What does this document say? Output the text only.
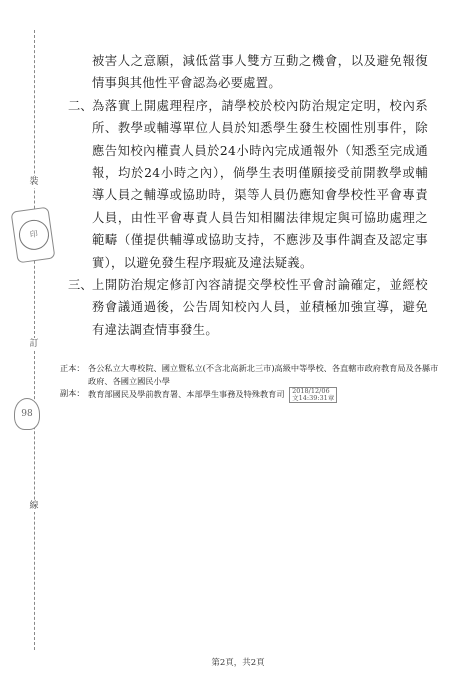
裝
訂
線
印
98

被害人之意願，減低當事人雙方互動之機會，以及避免報復情事與其他性平會認為必要處置。

二、 為落實上開處理程序，請學校於校內防治規定定明，校內系所、教學或輔導單位人員於知悉學生發生校園性別事件，除應告知校內權責人員於24小時內完成通報外（知悉至完成通報，均於24小時之內），倘學生表明僅願接受前開教學或輔導人員之輔導或協助時，渠等人員仍應知會學校性平會專責人員，由性平會專責人員告知相關法律規定與可協助處理之範疇（僅提供輔導或協助支持，不應涉及事件調查及認定事實），以避免發生程序瑕疵及違法疑義。

三、 上開防治規定修訂內容請提交學校性平會討論確定，並經校務會議通過後，公告周知校內人員，並積極加強宣導，避免有違法調查情事發生。

正本： 各公私立大專校院、國立暨私立(不含北高新北三市)高級中等學校、各直轄市政府教育局及各縣市政府、各國立國民小學
副本： 教育部國民及學前教育署、本部學生事務及特殊教育司 2018/12/06
文14:39:31章
第2頁，共2頁
